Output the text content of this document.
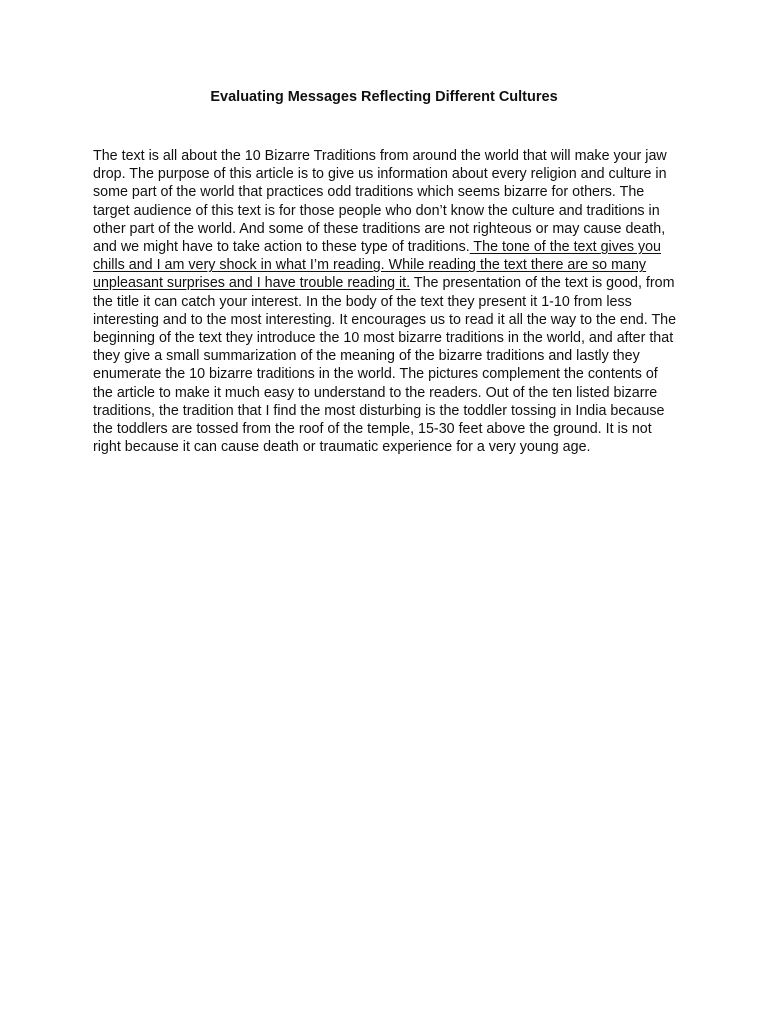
Evaluating Messages Reflecting Different Cultures

The text is all about the 10 Bizarre Traditions from around the world that will make your jaw drop. The purpose of this article is to give us information about every religion and culture in some part of the world that practices odd traditions which seems bizarre for others. The target audience of this text is for those people who don’t know the culture and traditions in other part of the world. And some of these traditions are not righteous or may cause death, and we might have to take action to these type of traditions. The tone of the text gives you chills and I am very shock in what I’m reading. While reading the text there are so many unpleasant surprises and I have trouble reading it. The presentation of the text is good, from the title it can catch your interest. In the body of the text they present it 1-10 from less interesting and to the most interesting. It encourages us to read it all the way to the end. The beginning of the text they introduce the 10 most bizarre traditions in the world, and after that they give a small summarization of the meaning of the bizarre traditions and lastly they enumerate the 10 bizarre traditions in the world. The pictures complement the contents of the article to make it much easy to understand to the readers. Out of the ten listed bizarre traditions, the tradition that I find the most disturbing is the toddler tossing in India because the toddlers are tossed from the roof of the temple, 15-30 feet above the ground. It is not right because it can cause death or traumatic experience for a very young age.
